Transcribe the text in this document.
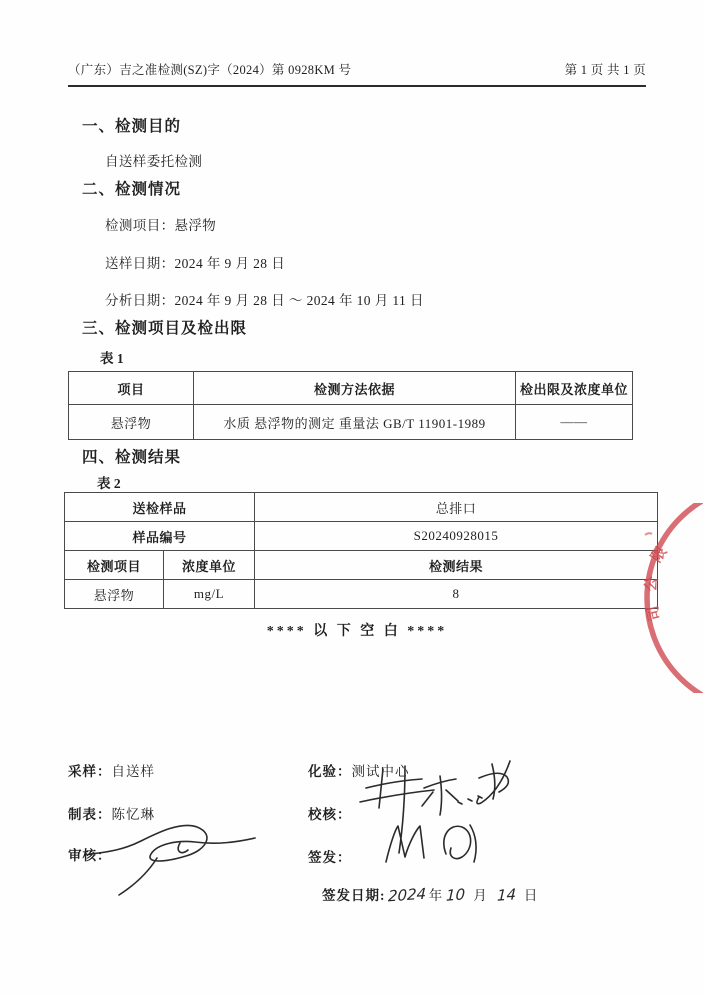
（广东）吉之准检测(SZ)字（2024）第 0928KM 号	第 1 页 共 1 页
一、检测目的
自送样委托检测
二、检测情况
检测项目：悬浮物
送样日期：2024 年 9 月 28 日
分析日期：2024 年 9 月 28 日 ～ 2024 年 10 月 11 日
三、检测项目及检出限
表 1
项目	检测方法依据	检出限及浓度单位
悬浮物	水质 悬浮物的测定 重量法 GB/T 11901-1989	——
四、检测结果
表 2
送检样品		总排口
样品编号		S20240928015
检测项目	浓度单位	检测结果
悬浮物	mg/L	8
**** 以 下 空 白 ****
采样：自送样	化验：测试中心
制表：陈忆琳	校核：
审核：	签发：
签发日期: 2024 年 10 月 14 日
限
公
司
